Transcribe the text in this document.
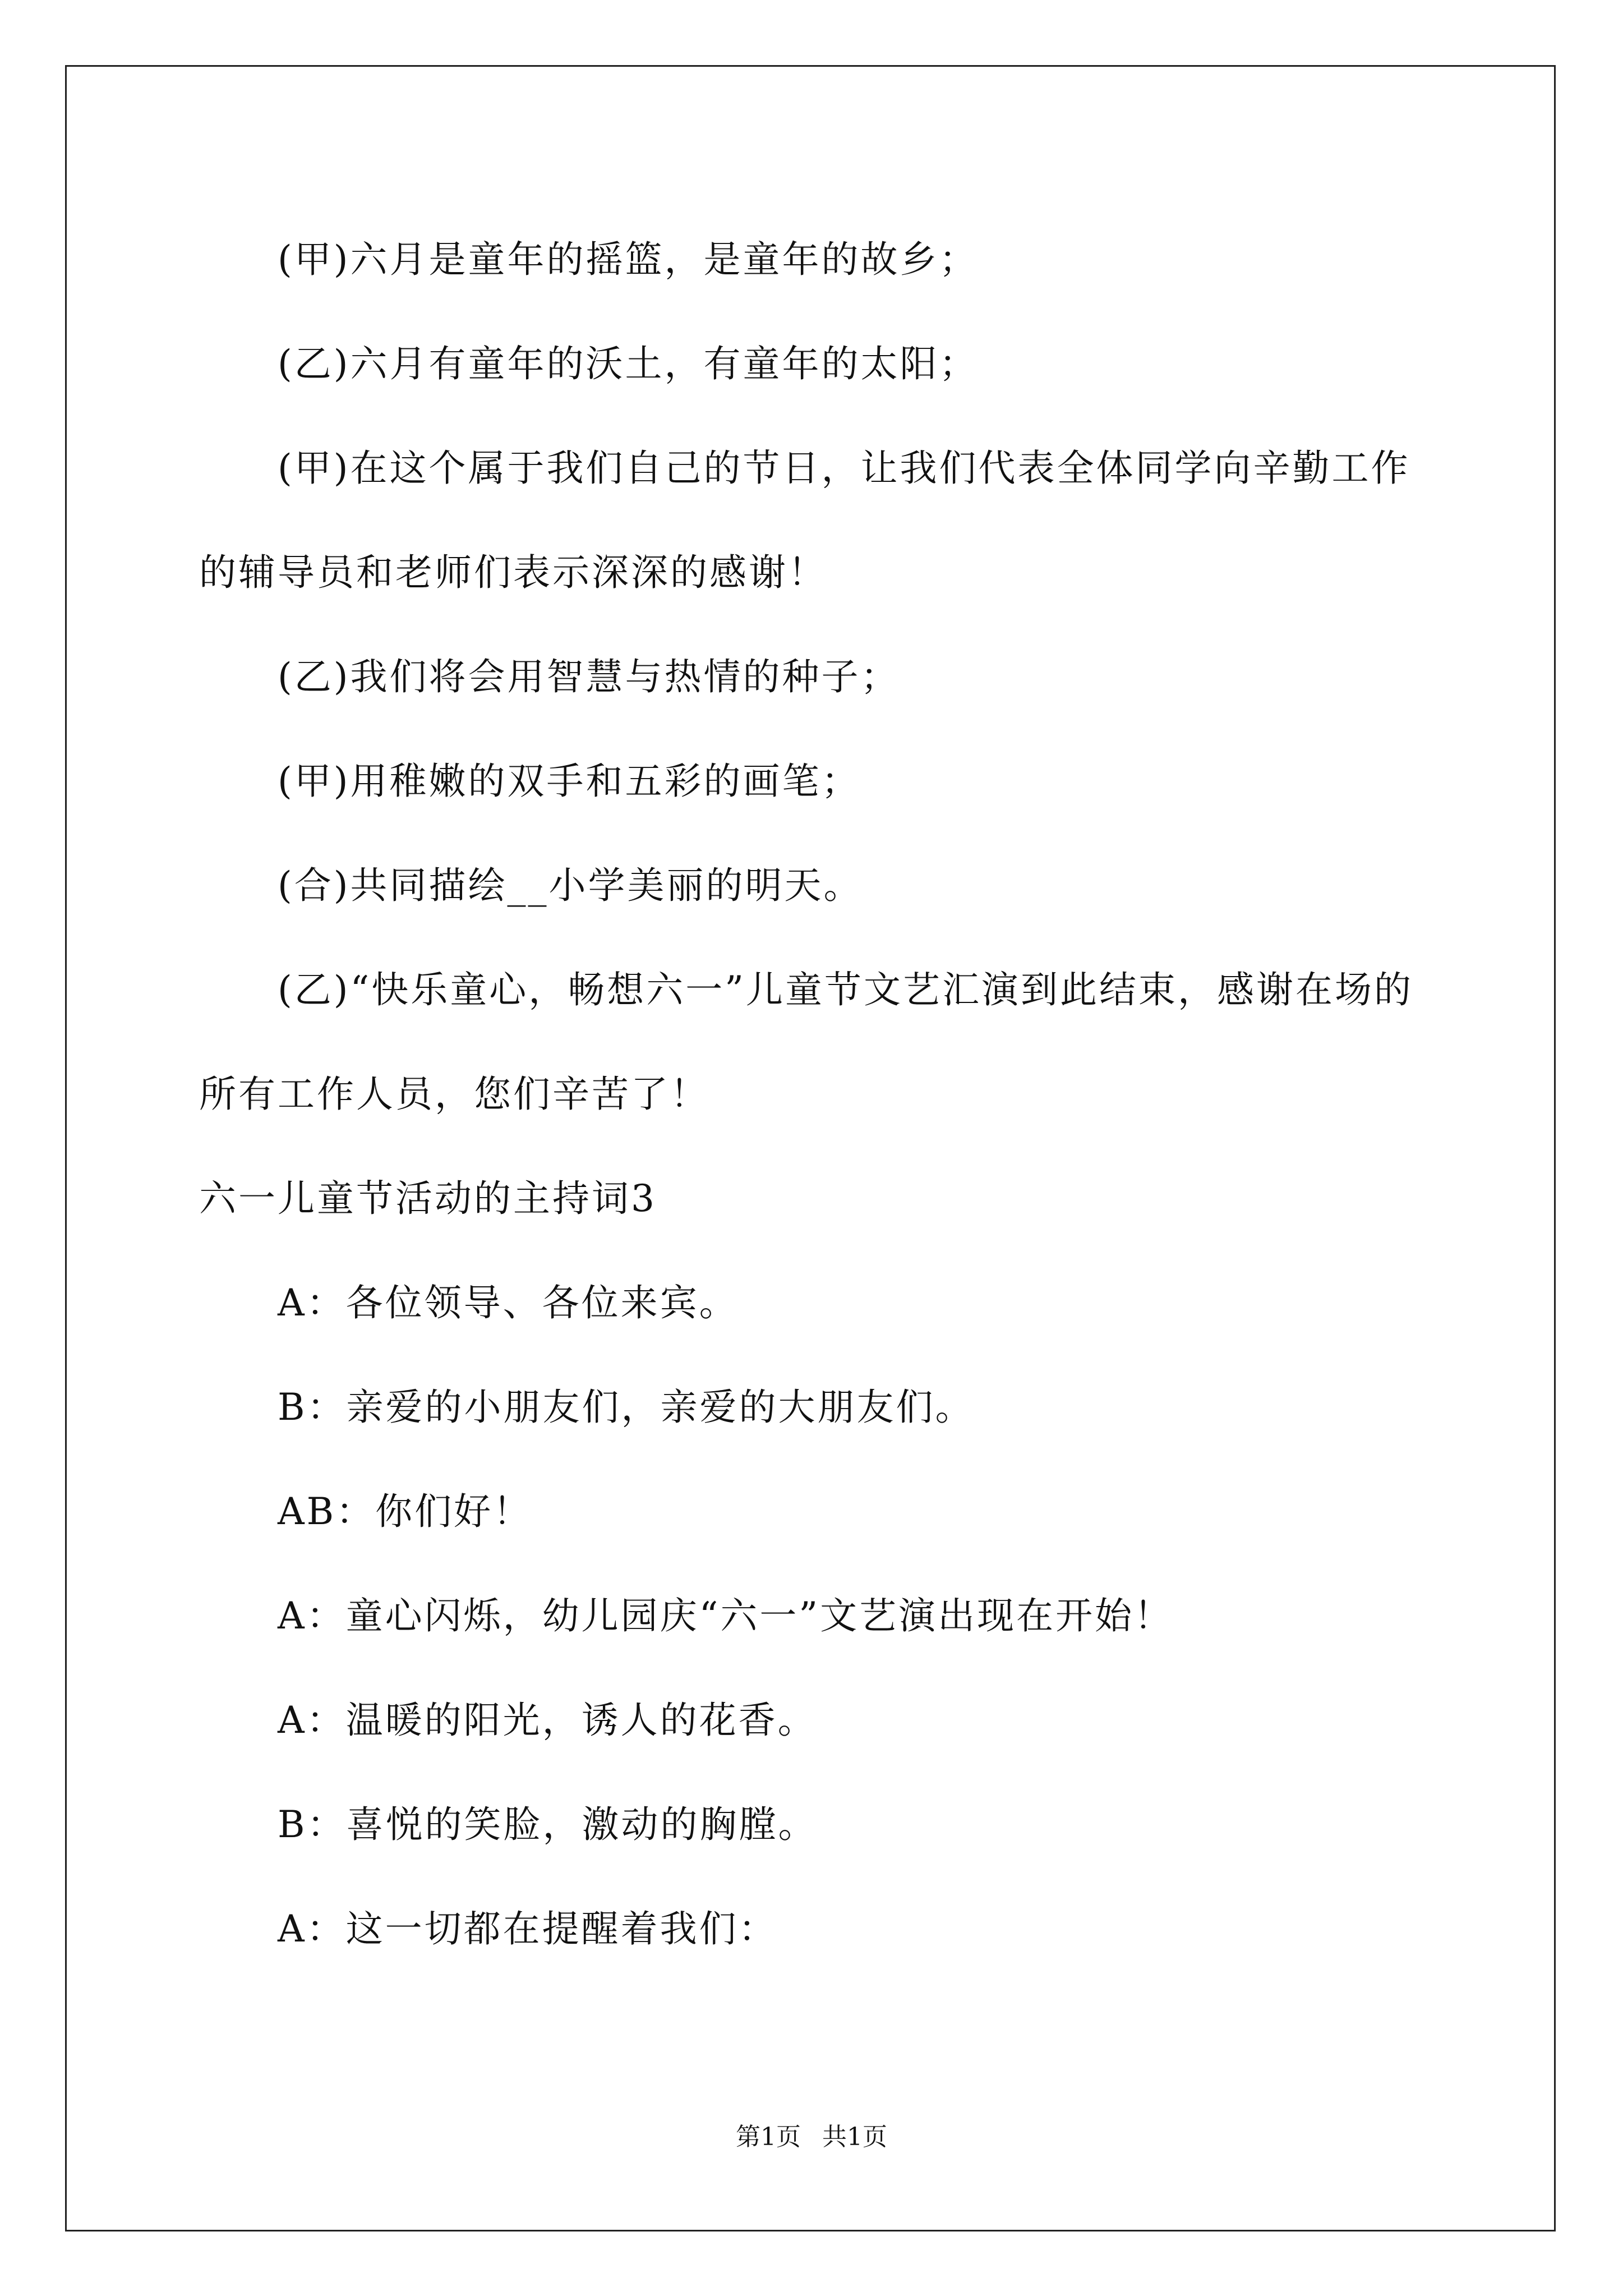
(甲)六月是童年的摇篮，是童年的故乡；

(乙)六月有童年的沃土，有童年的太阳；

(甲)在这个属于我们自己的节日，让我们代表全体同学向辛勤工作的辅导员和老师们表示深深的感谢！

(乙)我们将会用智慧与热情的种子；

(甲)用稚嫩的双手和五彩的画笔；

(合)共同描绘__小学美丽的明天。

(乙)“快乐童心，畅想六一”儿童节文艺汇演到此结束，感谢在场的所有工作人员，您们辛苦了！

六一儿童节活动的主持词3

A：各位领导、各位来宾。

B：亲爱的小朋友们，亲爱的大朋友们。

AB：你们好！

A：童心闪烁，幼儿园庆“六一”文艺演出现在开始！

A：温暖的阳光，诱人的花香。

B：喜悦的笑脸，激动的胸膛。

A：这一切都在提醒着我们：

第1页 共1页
